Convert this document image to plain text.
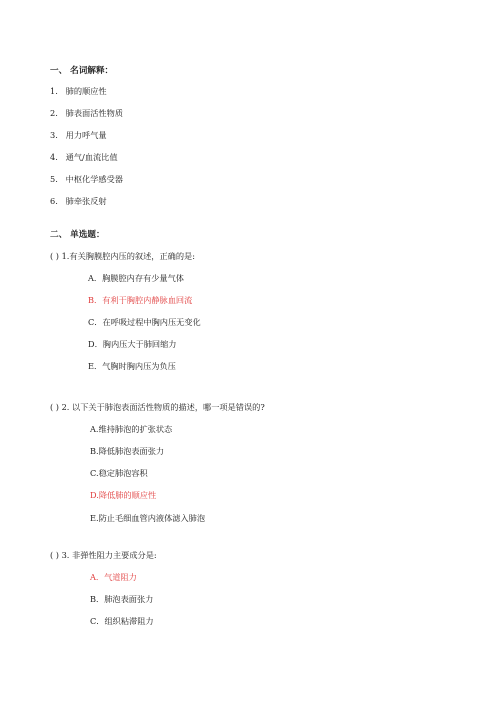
一、 名词解释：
1. 肺的顺应性
2. 肺表面活性物质
3. 用力呼气量
4. 通气/血流比值
5. 中枢化学感受器
6. 肺牵张反射
二、 单选题：
( ) 1.有关胸膜腔内压的叙述，正确的是:
A．胸膜腔内存有少量气体
B．有利于胸腔内静脉血回流
C．在呼吸过程中胸内压无变化
D．胸内压大于肺回缩力
E．气胸时胸内压为负压
( ) 2. 以下关于肺泡表面活性物质的描述，哪一项是错误的?
A.维持肺泡的扩张状态
B.降低肺泡表面张力
C.稳定肺泡容积
D.降低肺的顺应性
E.防止毛细血管内液体滤入肺泡
( ) 3. 非弹性阻力主要成分是:
A．气道阻力
B．肺泡表面张力
C．组织粘滞阻力
